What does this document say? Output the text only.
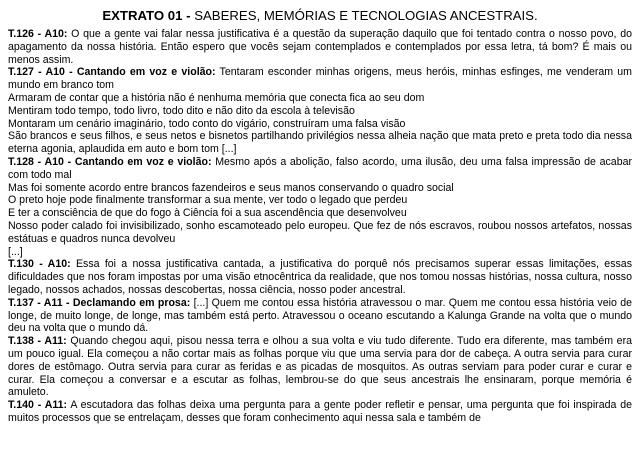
EXTRATO 01 - SABERES, MEMÓRIAS E TECNOLOGIAS ANCESTRAIS.

T.126 - A10: O que a gente vai falar nessa justificativa é a questão da superação daquilo que foi tentado contra o nosso povo, do apagamento da nossa história. Então espero que vocês sejam contemplados e contemplados por essa letra, tá bom? É mais ou menos assim.

T.127 - A10 - Cantando em voz e violão: Tentaram esconder minhas origens, meus heróis, minhas esfinges, me venderam um mundo em branco tom

Armaram de contar que a história não é nenhuma memória que conecta fica ao seu dom

Mentiram todo tempo, todo livro, todo dito e não dito da escola à televisão

Montaram um cenário imaginário, todo conto do vigário, construíram uma falsa visão

São brancos e seus filhos, e seus netos e bisnetos partilhando privilégios nessa alheia nação que mata preto e preta todo dia nessa eterna agonia, aplaudida em auto e bom tom [...]

T.128 - A10 - Cantando em voz e violão: Mesmo após a abolição, falso acordo, uma ilusão, deu uma falsa impressão de acabar com todo mal

Mas foi somente acordo entre brancos fazendeiros e seus manos conservando o quadro social

O preto hoje pode finalmente transformar a sua mente, ver todo o legado que perdeu

E ter a consciência de que do fogo à Ciência foi a sua ascendência que desenvolveu

Nosso poder calado foi invisibilizado, sonho escamoteado pelo europeu. Que fez de nós escravos, roubou nossos artefatos, nossas estátuas e quadros nunca devolveu

[...]

T.130 - A10: Essa foi a nossa justificativa cantada, a justificativa do porquê nós precisamos superar essas limitações, essas dificuldades que nos foram impostas por uma visão etnocêntrica da realidade, que nos tomou nossas histórias, nossa cultura, nosso legado, nossos achados, nossas descobertas, nossa ciência, nosso poder ancestral.

T.137 - A11 - Declamando em prosa: [...] Quem me contou essa história atravessou o mar. Quem me contou essa história veio de longe, de muito longe, de longe, mas também está perto. Atravessou o oceano escutando a Kalunga Grande na volta que o mundo deu na volta que o mundo dá.

T.138 - A11: Quando chegou aqui, pisou nessa terra e olhou a sua volta e viu tudo diferente. Tudo era diferente, mas também era um pouco igual. Ela começou a não cortar mais as folhas porque viu que uma servia para dor de cabeça. A outra servia para curar dores de estômago. Outra servia para curar as feridas e as picadas de mosquitos. As outras serviam para poder curar e curar e curar. Ela começou a conversar e a escutar as folhas, lembrou-se do que seus ancestrais lhe ensinaram, porque memória é amuleto.

T.140 - A11: A escutadora das folhas deixa uma pergunta para a gente poder refletir e pensar, uma pergunta que foi inspirada de muitos processos que se entrelaçam, desses que foram conhecimento aqui nessa sala e também de
